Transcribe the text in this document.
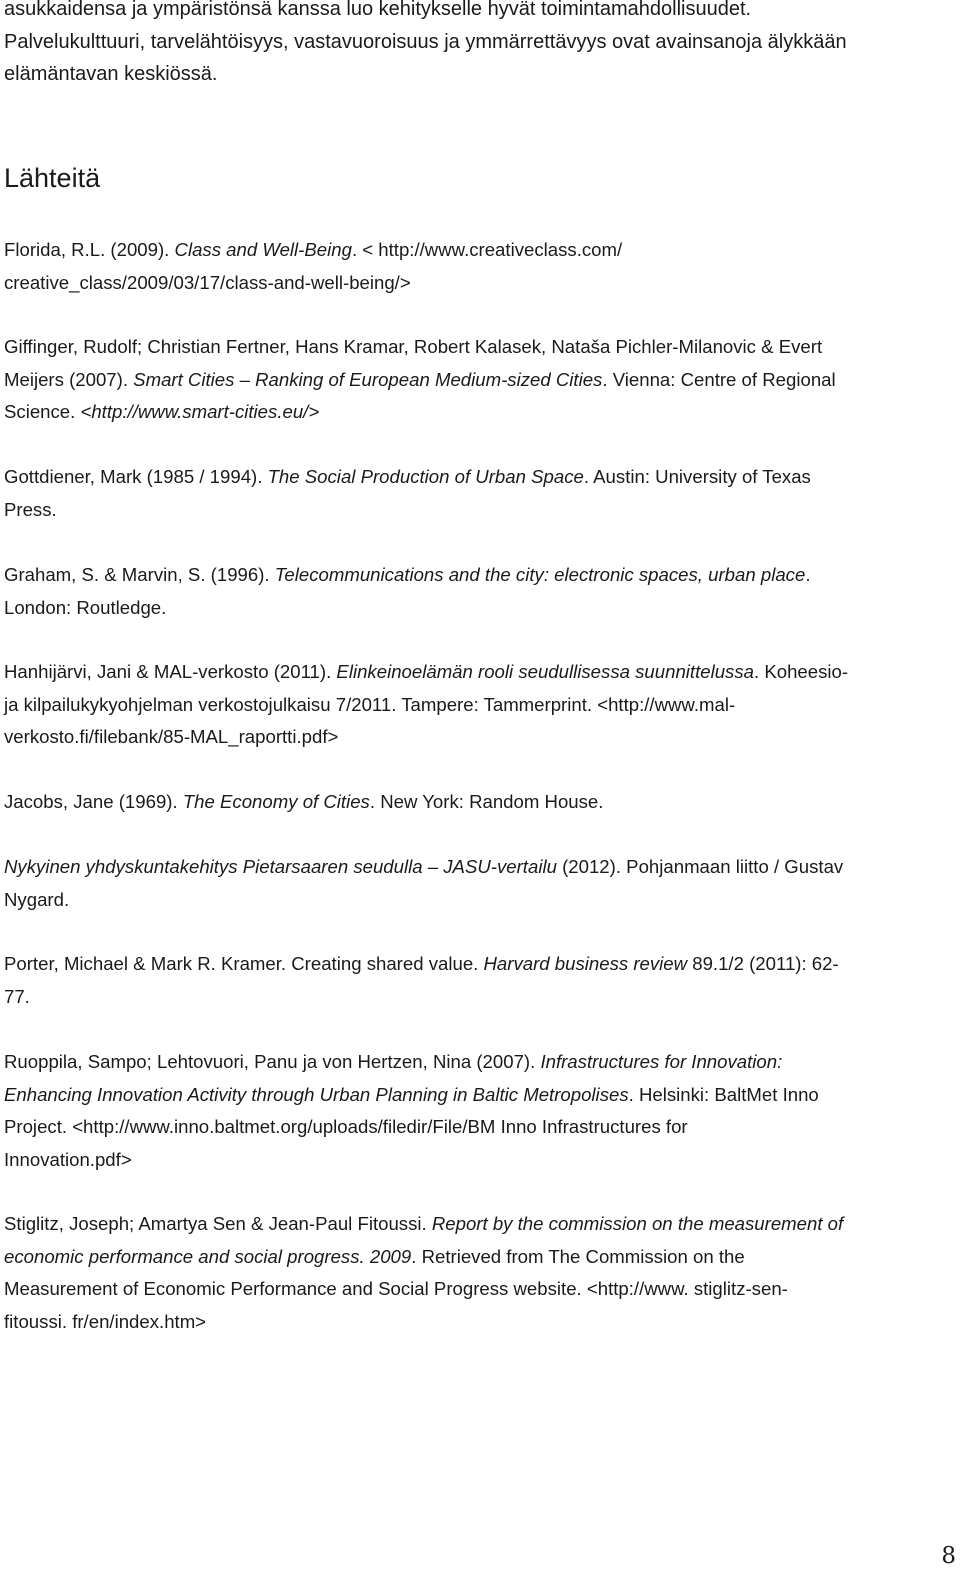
asukkaidensa ja ympäristönsä kanssa luo kehitykselle hyvät toimintamahdollisuudet.
Palvelukulttuuri, tarvelähtöisyys, vastavuoroisuus ja ymmärrettävyys ovat avainsanoja älykkään
elämäntavan keskiössä.

Lähteitä

Florida, R.L. (2009). Class and Well-Being. < http://www.creativeclass.com/
creative_class/2009/03/17/class-and-well-being/>

Giffinger, Rudolf; Christian Fertner, Hans Kramar, Robert Kalasek, Nataša Pichler-Milanovic & Evert
Meijers (2007). Smart Cities – Ranking of European Medium-sized Cities. Vienna: Centre of Regional
Science. <http://www.smart-cities.eu/>

Gottdiener, Mark (1985 / 1994). The Social Production of Urban Space. Austin: University of Texas
Press.

Graham, S. & Marvin, S. (1996). Telecommunications and the city: electronic spaces, urban place.
London: Routledge.

Hanhijärvi, Jani & MAL-verkosto (2011). Elinkeinoelämän rooli seudullisessa suunnittelussa. Koheesio-
ja kilpailukykyohjelman verkostojulkaisu 7/2011. Tampere: Tammerprint. <http://www.mal-
verkosto.fi/filebank/85-MAL_raportti.pdf>

Jacobs, Jane (1969). The Economy of Cities. New York: Random House.

Nykyinen yhdyskuntakehitys Pietarsaaren seudulla – JASU-vertailu (2012). Pohjanmaan liitto / Gustav
Nygard.

Porter, Michael & Mark R. Kramer. Creating shared value. Harvard business review 89.1/2 (2011): 62-
77.

Ruoppila, Sampo; Lehtovuori, Panu ja von Hertzen, Nina (2007). Infrastructures for Innovation:
Enhancing Innovation Activity through Urban Planning in Baltic Metropolises. Helsinki: BaltMet Inno
Project. <http://www.inno.baltmet.org/uploads/filedir/File/BM Inno Infrastructures for
Innovation.pdf>

Stiglitz, Joseph; Amartya Sen & Jean-Paul Fitoussi. Report by the commission on the measurement of
economic performance and social progress. 2009. Retrieved from The Commission on the
Measurement of Economic Performance and Social Progress website. <http://www. stiglitz-sen-
fitoussi. fr/en/index.htm>

8
